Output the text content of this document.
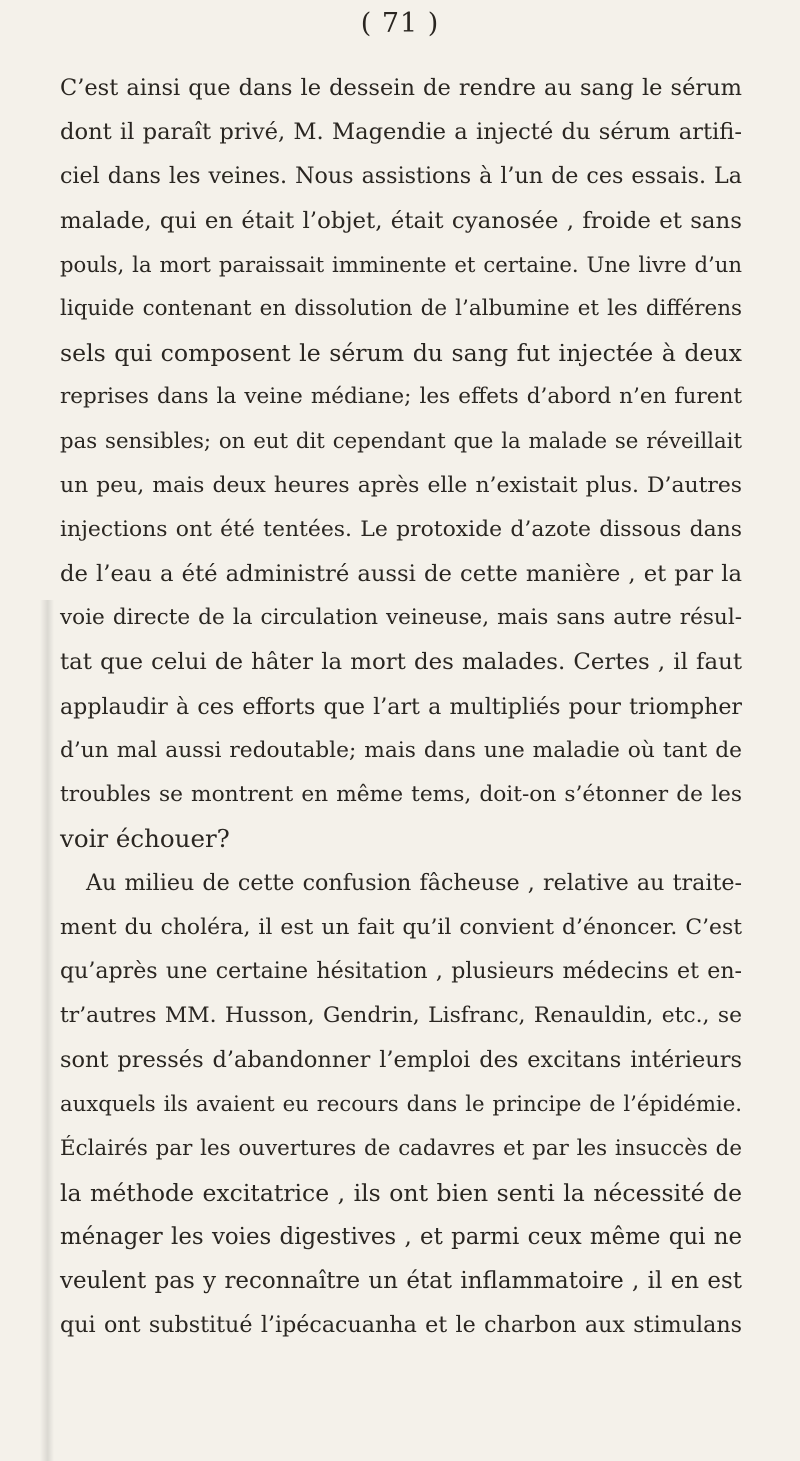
( 71 )
C’est ainsi que dans le dessein de rendre au sang le sérum
dont il paraît privé, M. Magendie a injecté du sérum artifi-
ciel dans les veines. Nous assistions à l’un de ces essais. La
malade, qui en était l’objet, était cyanosée , froide et sans
pouls, la mort paraissait imminente et certaine. Une livre d’un
liquide contenant en dissolution de l’albumine et les différens
sels qui composent le sérum du sang fut injectée à deux
reprises dans la veine médiane; les effets d’abord n’en furent
pas sensibles; on eut dit cependant que la malade se réveillait
un peu, mais deux heures après elle n’existait plus. D’autres
injections ont été tentées. Le protoxide d’azote dissous dans
de l’eau a été administré aussi de cette manière , et par la
voie directe de la circulation veineuse, mais sans autre résul-
tat que celui de hâter la mort des malades. Certes , il faut
applaudir à ces efforts que l’art a multipliés pour triompher
d’un mal aussi redoutable; mais dans une maladie où tant de
troubles se montrent en même tems, doit-on s’étonner de les
voir échouer?
Au milieu de cette confusion fâcheuse , relative au traite-
ment du choléra, il est un fait qu’il convient d’énoncer. C’est
qu’après une certaine hésitation , plusieurs médecins et en-
tr’autres MM. Husson, Gendrin, Lisfranc, Renauldin, etc., se
sont pressés d’abandonner l’emploi des excitans intérieurs
auxquels ils avaient eu recours dans le principe de l’épidémie.
Éclairés par les ouvertures de cadavres et par les insuccès de
la méthode excitatrice , ils ont bien senti la nécessité de
ménager les voies digestives , et parmi ceux même qui ne
veulent pas y reconnaître un état inflammatoire , il en est
qui ont substitué l’ipécacuanha et le charbon aux stimulans
